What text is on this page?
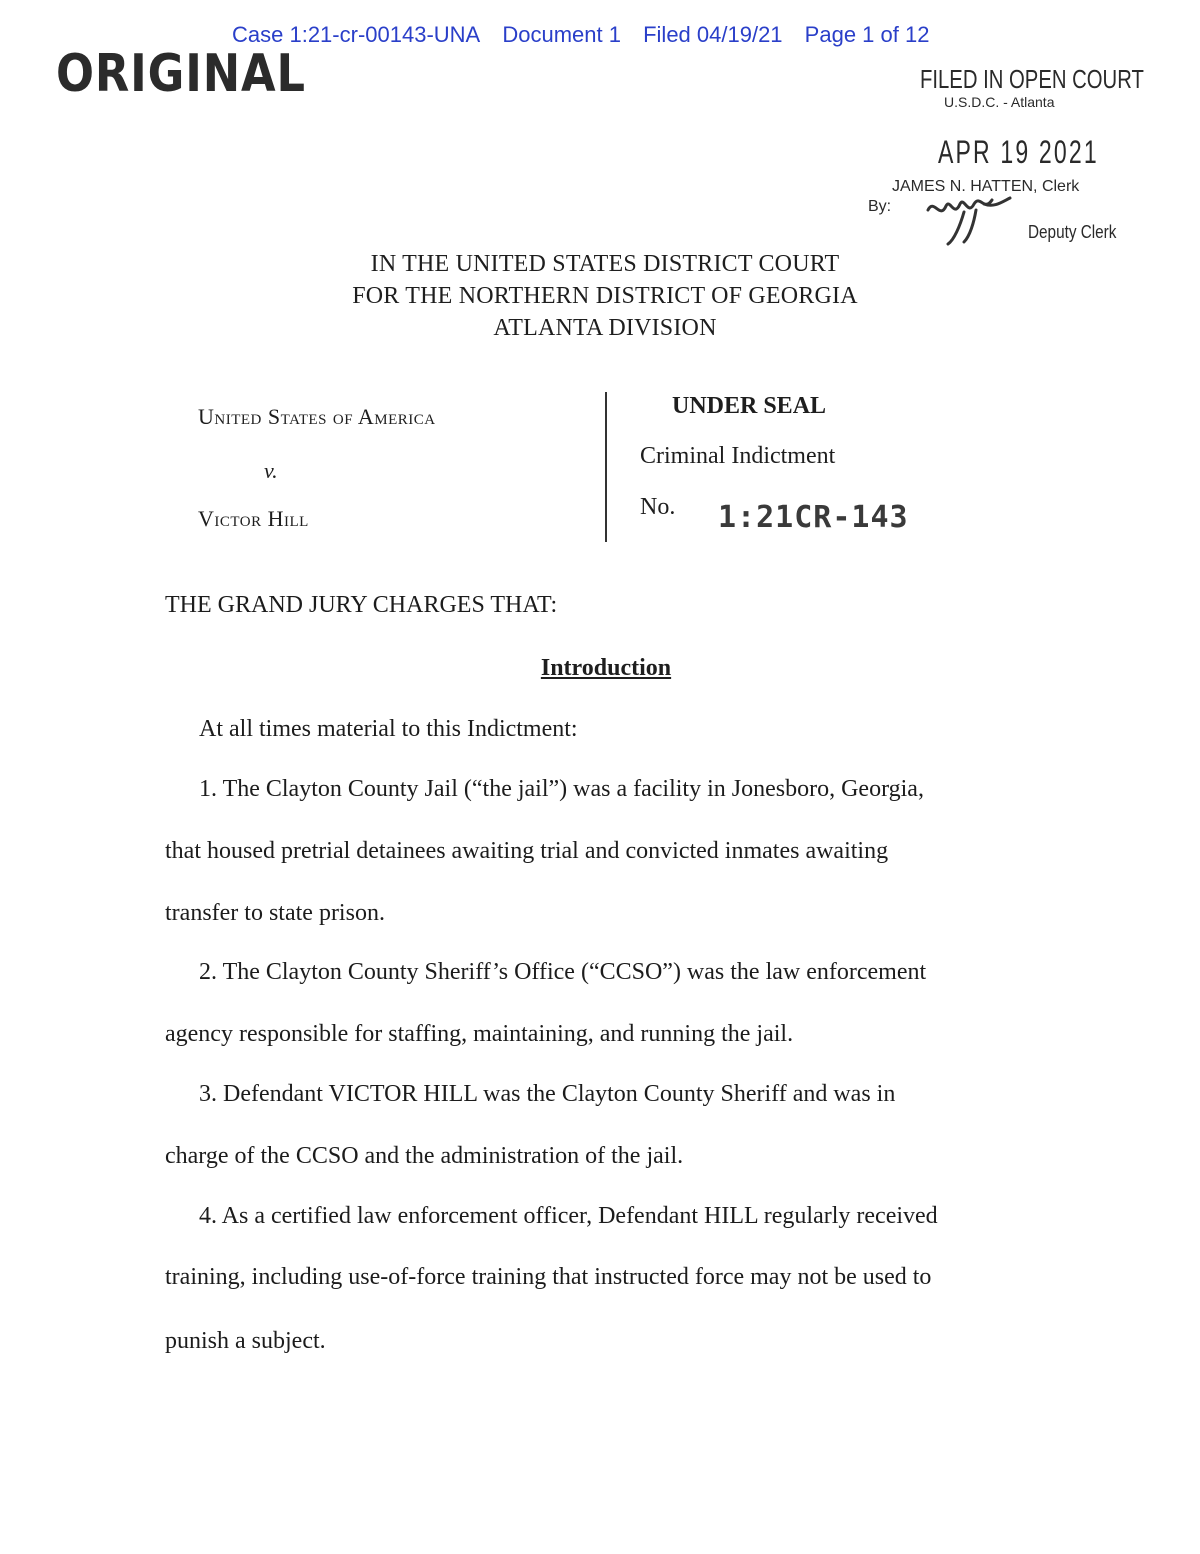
Case 1:21-cr-00143-UNA Document 1 Filed 04/19/21 Page 1 of 12
ORIGINAL	FILED IN OPEN COURT
U.S.D.C. - Atlanta
APR 19 2021
JAMES N. HATTEN, Clerk
By:
Deputy Clerk
IN THE UNITED STATES DISTRICT COURT
FOR THE NORTHERN DISTRICT OF GEORGIA
ATLANTA DIVISION
United States of America
v.
Victor Hill
UNDER SEAL
Criminal Indictment
No. 1:21CR-143
THE GRAND JURY CHARGES THAT:
Introduction
At all times material to this Indictment:
1. The Clayton County Jail (“the jail”) was a facility in Jonesboro, Georgia,
that housed pretrial detainees awaiting trial and convicted inmates awaiting
transfer to state prison.
2. The Clayton County Sheriff’s Office (“CCSO”) was the law enforcement
agency responsible for staffing, maintaining, and running the jail.
3. Defendant VICTOR HILL was the Clayton County Sheriff and was in
charge of the CCSO and the administration of the jail.
4. As a certified law enforcement officer, Defendant HILL regularly received
training, including use-of-force training that instructed force may not be used to
punish a subject.
